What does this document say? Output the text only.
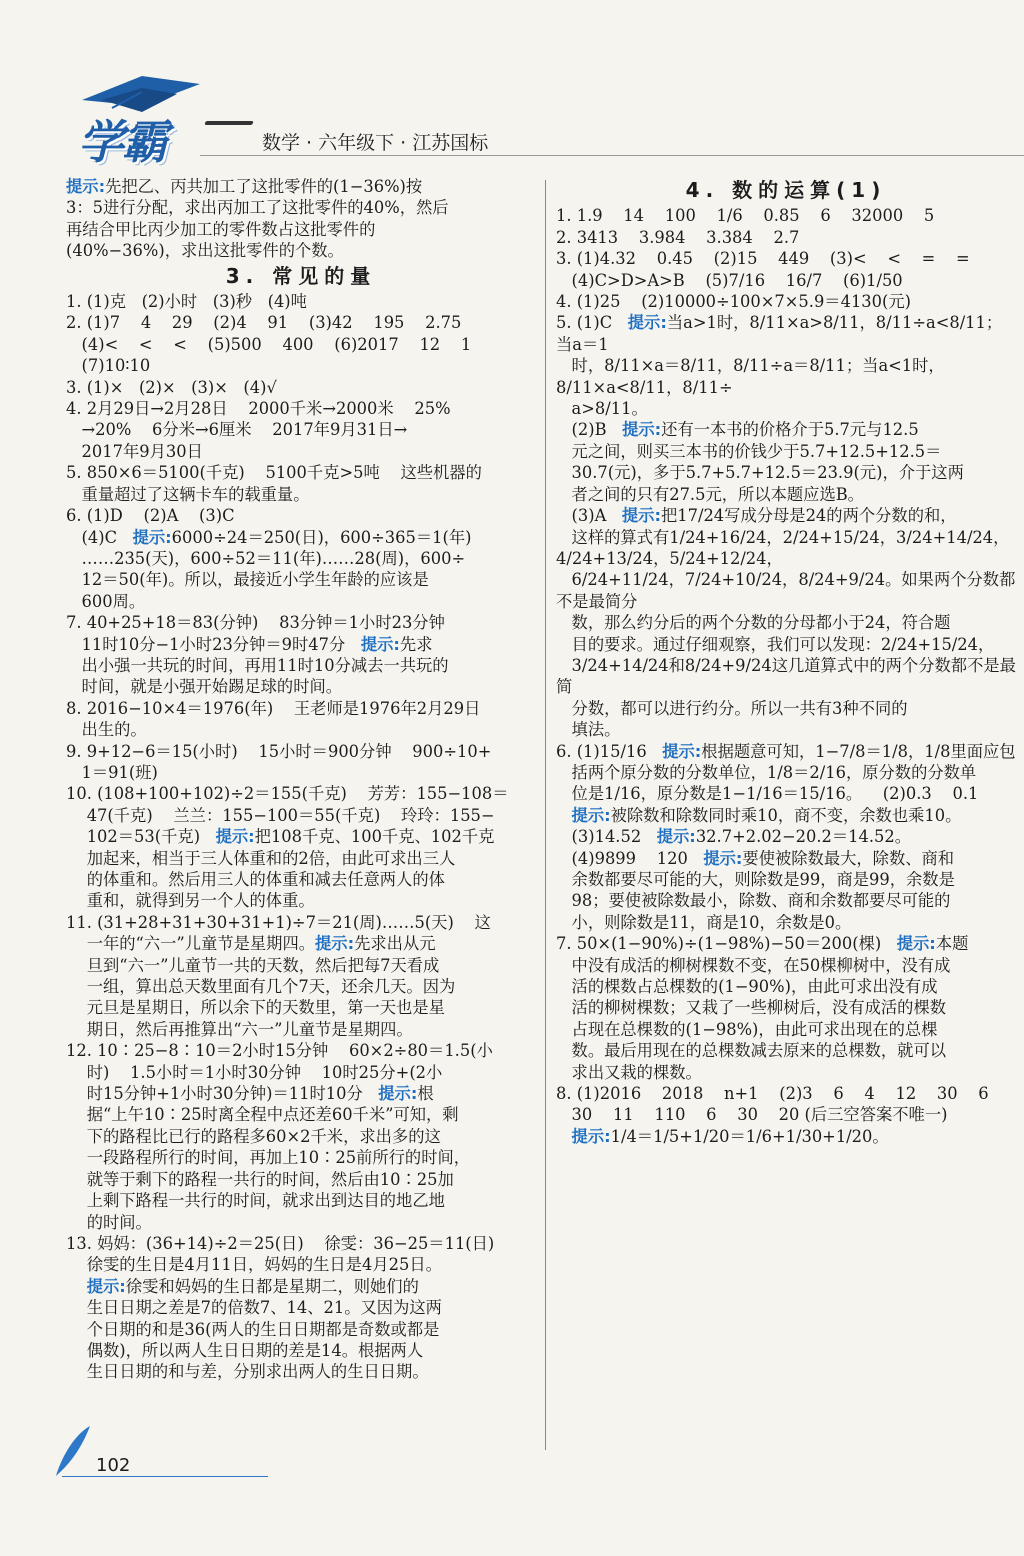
学霸	数学 · 六年级下 · 江苏国标
提示:先把乙、丙共加工了这批零件的(1−36%)按
3：5进行分配，求出丙加工了这批零件的40%，然后
再结合甲比丙少加工的零件数占这批零件的
(40%−36%)，求出这批零件的个数。
3. 常见的量
1. (1)克   (2)小时   (3)秒   (4)吨
2. (1)7    4    29    (2)4    91    (3)42    195    2.75
(4)<    <    <    (5)500    400    (6)2017    12    1
(7)10∶10
3. (1)×   (2)×   (3)×   (4)√
4. 2月29日→2月28日    2000千米→2000米    25%
→20%    6分米→6厘米    2017年9月31日→
2017年9月30日
5. 850×6＝5100(千克)    5100千克>5吨    这些机器的
重量超过了这辆卡车的载重量。
6. (1)D    (2)A    (3)C
(4)C   提示:6000÷24＝250(日)，600÷365＝1(年)
……235(天)，600÷52＝11(年)……28(周)，600÷
12＝50(年)。所以，最接近小学生年龄的应该是
600周。
7. 40+25+18＝83(分钟)    83分钟＝1小时23分钟
11时10分−1小时23分钟＝9时47分   提示:先求
出小强一共玩的时间，再用11时10分减去一共玩的
时间，就是小强开始踢足球的时间。
8. 2016−10×4＝1976(年)    王老师是1976年2月29日
出生的。
9. 9+12−6＝15(小时)    15小时＝900分钟    900÷10+
1＝91(班)
10. (108+100+102)÷2＝155(千克)    芳芳：155−108＝
47(千克)    兰兰：155−100＝55(千克)    玲玲：155−
102＝53(千克)   提示:把108千克、100千克、102千克
加起来，相当于三人体重和的2倍，由此可求出三人
的体重和。然后用三人的体重和减去任意两人的体
重和，就得到另一个人的体重。
11. (31+28+31+30+31+1)÷7＝21(周)……5(天)    这
一年的“六一”儿童节是星期四。提示:先求出从元
旦到“六一”儿童节一共的天数，然后把每7天看成
一组，算出总天数里面有几个7天，还余几天。因为
元旦是星期日，所以余下的天数里，第一天也是星
期日，然后再推算出“六一”儿童节是星期四。
12. 10∶25−8∶10＝2小时15分钟    60×2÷80＝1.5(小
时)    1.5小时＝1小时30分钟    10时25分+(2小
时15分钟+1小时30分钟)＝11时10分   提示:根
据“上午10∶25时离全程中点还差60千米”可知，剩
下的路程比已行的路程多60×2千米，求出多的这
一段路程所行的时间，再加上10∶25前所行的时间，
就等于剩下的路程一共行的时间，然后由10∶25加
上剩下路程一共行的时间，就求出到达目的地乙地
的时间。
13. 妈妈：(36+14)÷2＝25(日)    徐雯：36−25＝11(日)
徐雯的生日是4月11日，妈妈的生日是4月25日。
提示:徐雯和妈妈的生日都是星期二，则她们的
生日日期之差是7的倍数7、14、21。又因为这两
个日期的和是36(两人的生日日期都是奇数或都是
偶数)，所以两人生日日期的差是14。根据两人
生日日期的和与差，分别求出两人的生日日期。
4. 数的运算(1)
1. 1.9    14    100    1/6    0.85    6    32000    5
2. 3413    3.984    3.384    2.7
3. (1)4.32    0.45    (2)15    449    (3)<    <    =    =
(4)C>D>A>B    (5)7/16    16/7    (6)1/50
4. (1)25    (2)10000÷100×7×5.9＝4130(元)
5. (1)C   提示:当a>1时，8/11×a>8/11，8/11÷a<8/11；当a＝1
时，8/11×a＝8/11，8/11÷a＝8/11；当a<1时，8/11×a<8/11，8/11÷
a>8/11。
(2)B   提示:还有一本书的价格介于5.7元与12.5
元之间，则买三本书的价钱少于5.7+12.5+12.5＝
30.7(元)，多于5.7+5.7+12.5＝23.9(元)，介于这两
者之间的只有27.5元，所以本题应选B。
(3)A   提示:把17/24写成分母是24的两个分数的和，
这样的算式有1/24+16/24，2/24+15/24，3/24+14/24，4/24+13/24，5/24+12/24，
6/24+11/24，7/24+10/24，8/24+9/24。如果两个分数都不是最简分
数，那么约分后的两个分数的分母都小于24，符合题
目的要求。通过仔细观察，我们可以发现：2/24+15/24，
3/24+14/24和8/24+9/24这几道算式中的两个分数都不是最简
分数，都可以进行约分。所以一共有3种不同的
填法。
6. (1)15/16   提示:根据题意可知，1−7/8＝1/8，1/8里面应包
括两个原分数的分数单位，1/8＝2/16，原分数的分数单
位是1/16，原分数是1−1/16＝15/16。    (2)0.3    0.1
提示:被除数和除数同时乘10，商不变，余数也乘10。
(3)14.52   提示:32.7+2.02−20.2＝14.52。
(4)9899    120   提示:要使被除数最大，除数、商和
余数都要尽可能的大，则除数是99，商是99，余数是
98；要使被除数最小，除数、商和余数都要尽可能的
小，则除数是11，商是10，余数是0。
7. 50×(1−90%)÷(1−98%)−50＝200(棵)   提示:本题
中没有成活的柳树棵数不变，在50棵柳树中，没有成
活的棵数占总棵数的(1−90%)，由此可求出没有成
活的柳树棵数；又栽了一些柳树后，没有成活的棵数
占现在总棵数的(1−98%)，由此可求出现在的总棵
数。最后用现在的总棵数减去原来的总棵数，就可以
求出又栽的棵数。
8. (1)2016    2018    n+1    (2)3    6    4    12    30    6
30    11    110    6    30    20 (后三空答案不唯一)
提示:1/4＝1/5+1/20＝1/6+1/30+1/20。
102
